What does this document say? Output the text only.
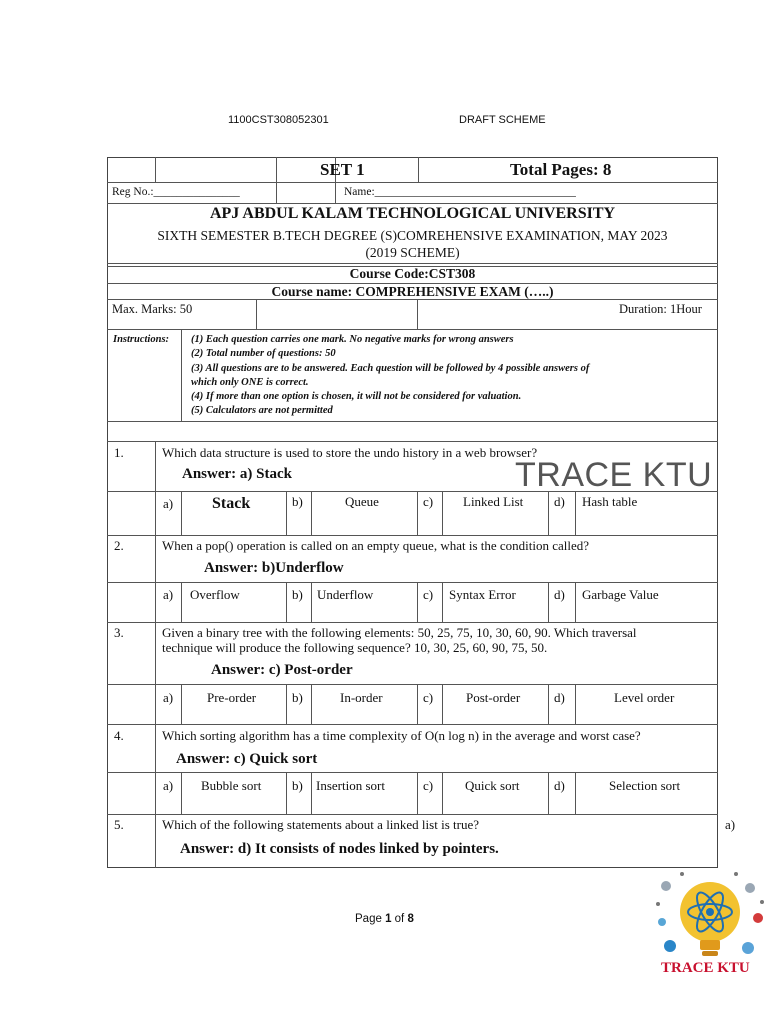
1100CST308052301	DRAFT SCHEME
SET 1	Total Pages: 8
Reg No.:_______________	Name:___________________________________
APJ ABDUL KALAM TECHNOLOGICAL UNIVERSITY
SIXTH SEMESTER B.TECH DEGREE (S)COMREHENSIVE EXAMINATION, MAY 2023
(2019 SCHEME)
Course Code:CST308
Course name: COMPREHENSIVE EXAM (…..)
Max. Marks: 50	Duration: 1Hour
Instructions: (1) Each question carries one mark. No negative marks for wrong answers
(2) Total number of questions: 50
(3) All questions are to be answered. Each question will be followed by 4 possible answers of
which only ONE is correct.
(4) If more than one option is chosen, it will not be considered for valuation.
(5) Calculators are not permitted
1.	Which data structure is used to store the undo history in a web browser?
Answer: a) Stack
a) Stack	b)	Queue	c) Linked List d) Hash table
2.	When a pop() operation is called on an empty queue, what is the condition called?
Answer: b)Underflow
a) Overflow	b) Underflow	c) Syntax Error	d) Garbage Value
3.	Given a binary tree with the following elements: 50, 25, 75, 10, 30, 60, 90. Which traversal
technique will produce the following sequence? 10, 30, 25, 60, 90, 75, 50.
Answer: c) Post-order
a)	Pre-order	b)	In-order	c)	Post-order	d)	Level order
4.	Which sorting algorithm has a time complexity of O(n log n) in the average and worst case?
Answer: c) Quick sort
a) Bubble sort b) Insertion sort	c) Quick sort	d)	Selection sort
5.	Which of the following statements about a linked list is true?
Answer: d) It consists of nodes linked by pointers.
a)
TRACE KTU
TRACE KTU
Page 1 of 8
